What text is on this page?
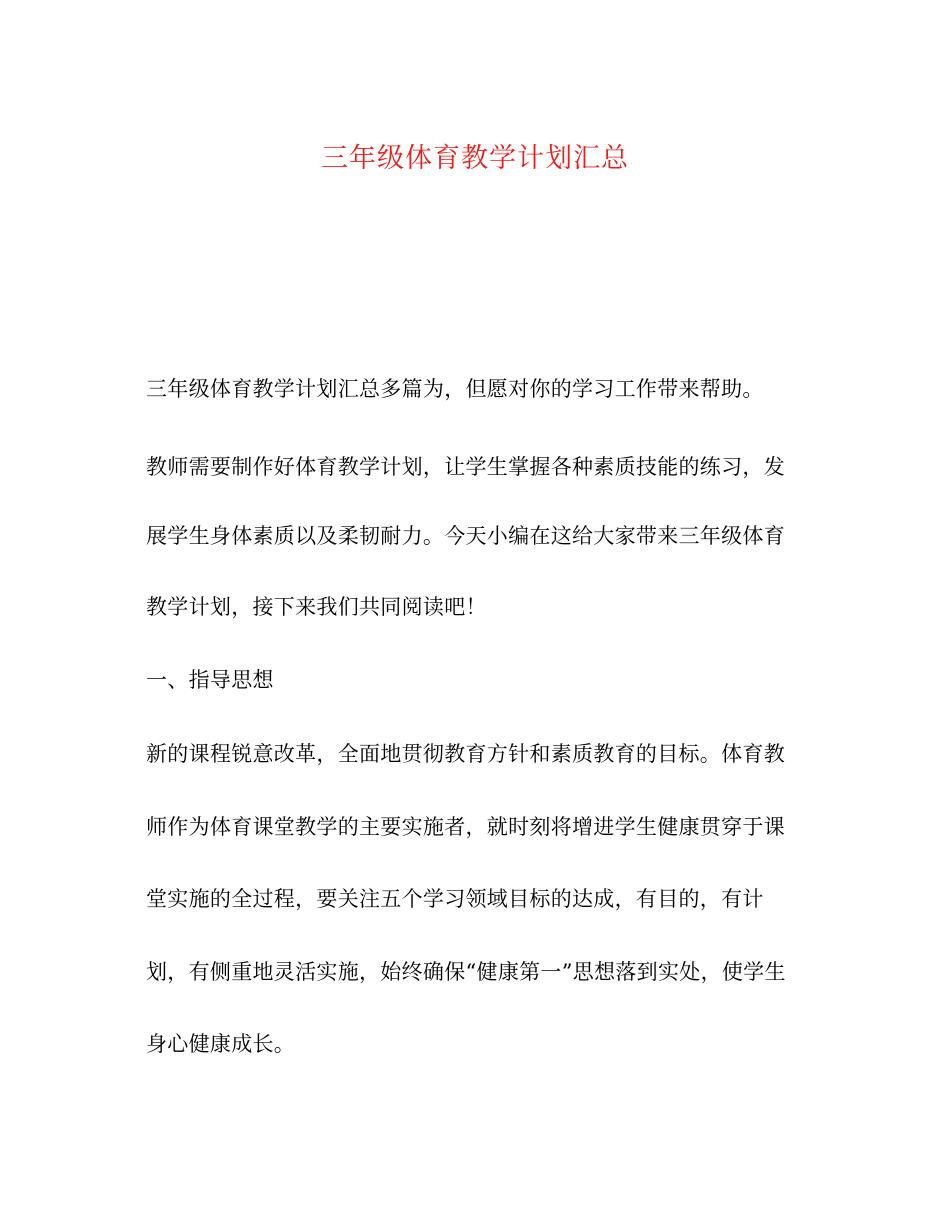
三年级体育教学计划汇总
三年级体育教学计划汇总多篇为，但愿对你的学习工作带来帮助。
教师需要制作好体育教学计划，让学生掌握各种素质技能的练习，发
展学生身体素质以及柔韧耐力。今天小编在这给大家带来三年级体育
教学计划，接下来我们共同阅读吧！
一、指导思想
新的课程锐意改革，全面地贯彻教育方针和素质教育的目标。体育教
师作为体育课堂教学的主要实施者，就时刻将增进学生健康贯穿于课
堂实施的全过程，要关注五个学习领域目标的达成，有目的，有计
划，有侧重地灵活实施，始终确保“健康第一”思想落到实处，使学生
身心健康成长。
